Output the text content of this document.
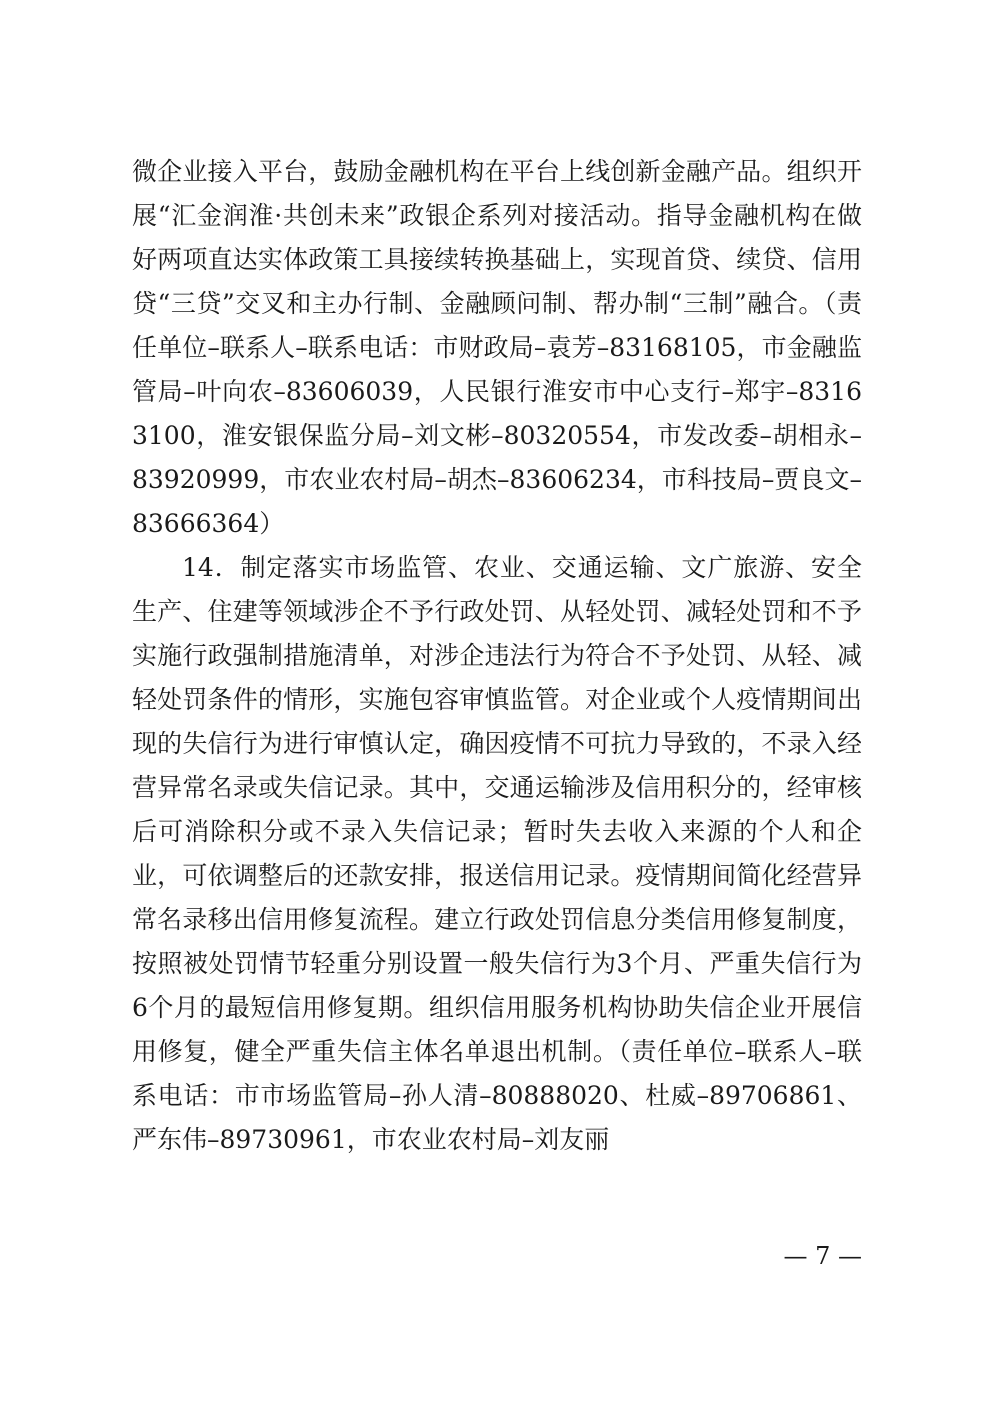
微企业接入平台，鼓励金融机构在平台上线创新金融产品。组织开展“汇金润淮·共创未来”政银企系列对接活动。指导金融机构在做好两项直达实体政策工具接续转换基础上，实现首贷、续贷、信用贷“三贷”交叉和主办行制、金融顾问制、帮办制“三制”融合。（责任单位–联系人–联系电话：市财政局–袁芳–83168105，市金融监管局–叶向农–83606039，人民银行淮安市中心支行–郑宇–83163100，淮安银保监分局–刘文彬–80320554，市发改委–胡相永–83920999，市农业农村局–胡杰–83606234，市科技局–贾良文–83666364）

14．制定落实市场监管、农业、交通运输、文广旅游、安全生产、住建等领域涉企不予行政处罚、从轻处罚、减轻处罚和不予实施行政强制措施清单，对涉企违法行为符合不予处罚、从轻、减轻处罚条件的情形，实施包容审慎监管。对企业或个人疫情期间出现的失信行为进行审慎认定，确因疫情不可抗力导致的，不录入经营异常名录或失信记录。其中，交通运输涉及信用积分的，经审核后可消除积分或不录入失信记录；暂时失去收入来源的个人和企业，可依调整后的还款安排，报送信用记录。疫情期间简化经营异常名录移出信用修复流程。建立行政处罚信息分类信用修复制度，按照被处罚情节轻重分别设置一般失信行为3个月、严重失信行为6个月的最短信用修复期。组织信用服务机构协助失信企业开展信用修复，健全严重失信主体名单退出机制。（责任单位–联系人–联系电话：市市场监管局–孙人清–80888020、杜威–89706861、严东伟–89730961，市农业农村局–刘友丽

— 7 —
